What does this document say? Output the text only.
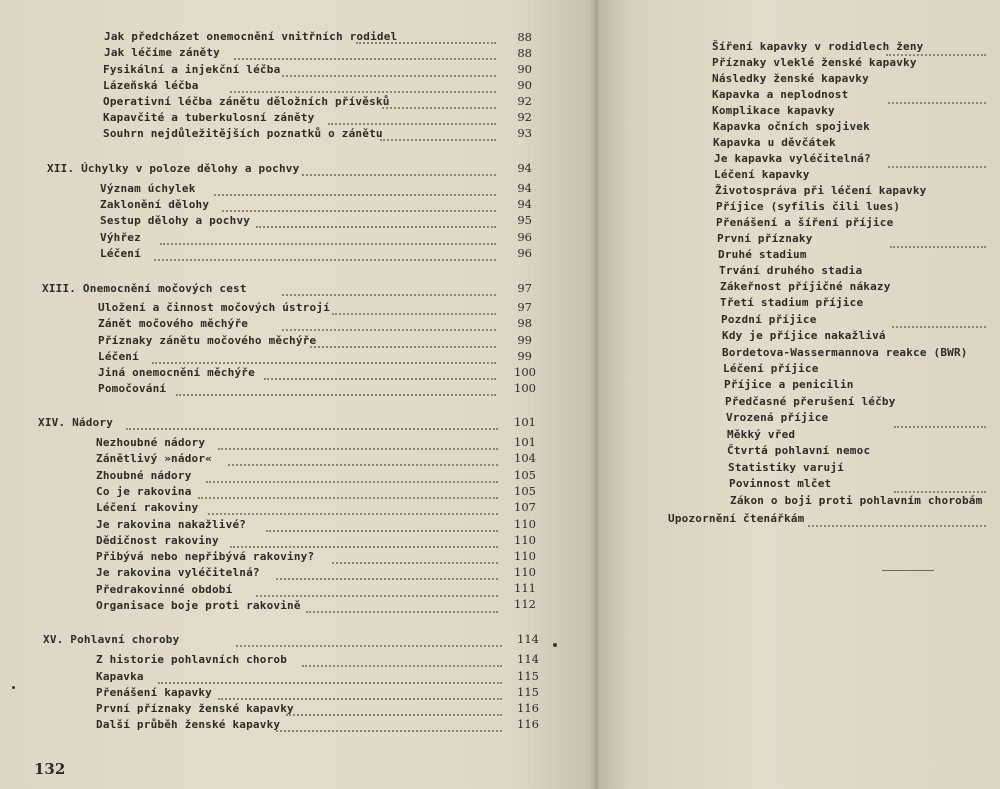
Jak předcházet onemocnění vnitřních rodidel	88
Jak léčíme záněty	88
Fysikální a injekční léčba	90
Lázeňská léčba	90
Operativní léčba zánětu děložních přívěsků	92
Kapavčité a tuberkulosní záněty	92
Souhrn nejdůležitějších poznatků o zánětu	93
XII. Úchylky v poloze dělohy a pochvy	94
Význam úchylek	94
Zaklonění dělohy	94
Sestup dělohy a pochvy	95
Výhřez	96
Léčení	96
XIII. Onemocnění močových cest	97
Uložení a činnost močových ústrojí	97
Zánět močového měchýře	98
Příznaky zánětu močového měchýře	99
Léčení	99
Jiná onemocnění měchýře	100
Pomočování	100
XIV. Nádory	101
Nezhoubné nádory	101
Zánětlivý »nádor«	104
Zhoubné nádory	105
Co je rakovina	105
Léčení rakoviny	107
Je rakovina nakažlivé?	110
Dědičnost rakoviny	110
Přibývá nebo nepřibývá rakoviny?	110
Je rakovina vyléčitelná?	110
Předrakovinné období	111
Organisace boje proti rakovině	112
XV. Pohlavní choroby	114
Z historie pohlavních chorob	114
Kapavka	115
Přenášení kapavky	115
První příznaky ženské kapavky	116
Další průběh ženské kapavky	116
132
Šíření kapavky v rodidlech ženy
Příznaky vleklé ženské kapavky
Následky ženské kapavky
Kapavka a neplodnost
Komplikace kapavky
Kapavka očních spojivek
Kapavka u děvčátek
Je kapavka vyléčitelná?
Léčení kapavky
Životospráva při léčení kapavky
Příjice (syfilis čili lues)
Přenášení a šíření příjice
První příznaky
Druhé stadium
Trvání druhého stadia
Zákeřnost příjičné nákazy
Třetí stadium příjice
Pozdní příjice
Kdy je příjice nakažlivá
Bordetova-Wassermannova reakce (BWR)
Léčení příjice
Příjice a penicilin
Předčasné přerušení léčby
Vrozená příjice
Měkký vřed
Čtvrtá pohlavní nemoc
Statistiky varují
Povinnost mlčet
Zákon o boji proti pohlavním chorobám
Upozornění čtenářkám
